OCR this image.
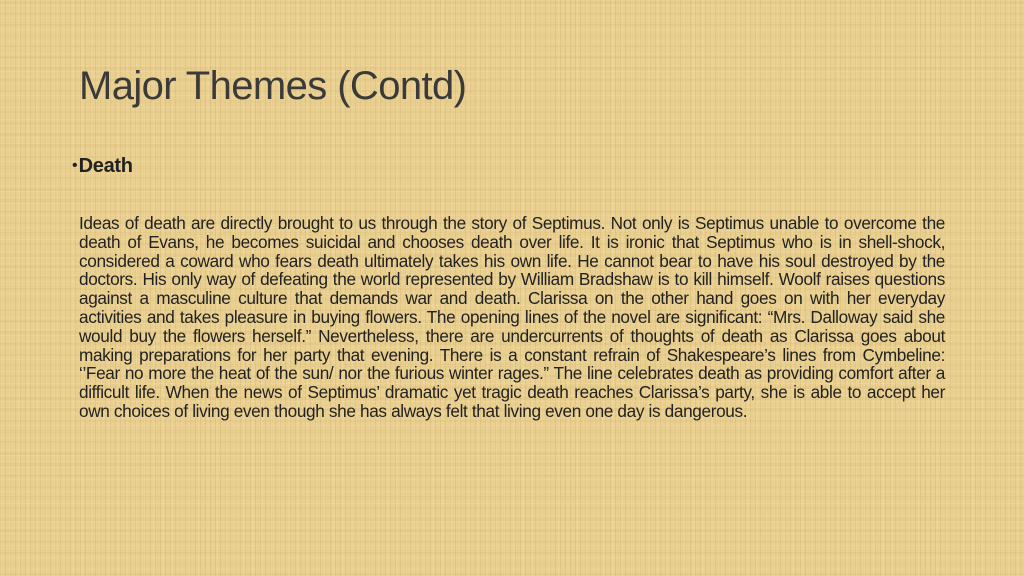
Major Themes (Contd)
•Death

Ideas of death are directly brought to us through the story of Septimus. Not only is Septimus unable to overcome the death of Evans, he becomes suicidal and chooses death over life. It is ironic that Septimus who is in shell-shock, considered a coward who fears death ultimately takes his own life. He cannot bear to have his soul destroyed by the doctors. His only way of defeating the world represented by William Bradshaw is to kill himself. Woolf raises questions against a masculine culture that demands war and death. Clarissa on the other hand goes on with her everyday activities and takes pleasure in buying flowers. The opening lines of the novel are significant: “Mrs. Dalloway said she would buy the flowers herself.” Nevertheless, there are undercurrents of thoughts of death as Clarissa goes about making preparations for her party that evening. There is a constant refrain of Shakespeare’s lines from Cymbeline: ‘’Fear no more the heat of the sun/ nor the furious winter rages.” The line celebrates death as providing comfort after a difficult life. When the news of Septimus’ dramatic yet tragic death reaches Clarissa’s party, she is able to accept her own choices of living even though she has always felt that living even one day is dangerous.
